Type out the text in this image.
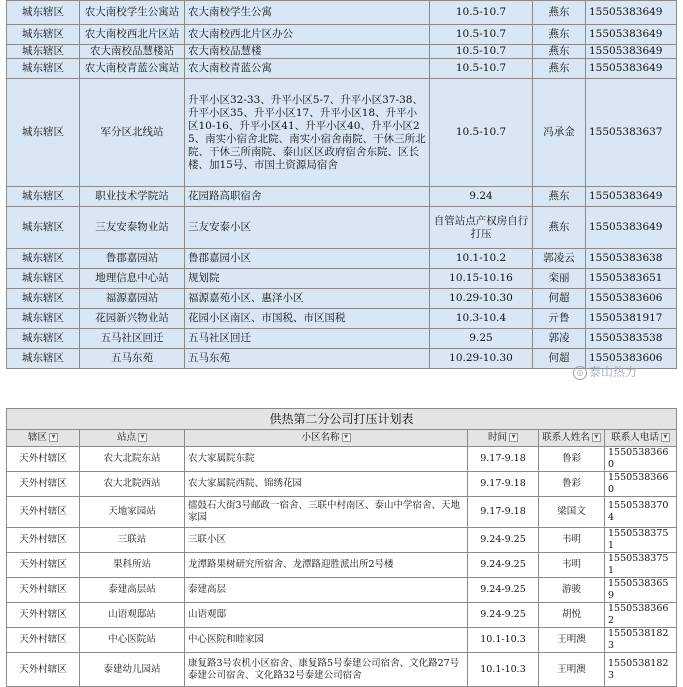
城东辖区	农大南校学生公寓站	农大南校学生公寓	10.5-10.7	燕东	15505383649
城东辖区	农大南校西北片区站	农大南校西北片区办公	10.5-10.7	燕东	15505383649
城东辖区	农大南校品慧楼站	农大南校品慧楼	10.5-10.7	燕东	15505383649
城东辖区	农大南校青蓝公寓站	农大南校青蓝公寓	10.5-10.7	燕东	15505383649
城东辖区	军分区北线站	升平小区32-33、升平小区5-7、升平小区37-38、升平小区35、升平小区17、升平小区18、升平小区10-16、升平小区41、升平小区40、升平小区25、南实小宿舍北院、南实小宿舍南院、干休三所北院、干休三所南院、泰山区区政府宿舍东院、区长楼、加15号、市国土资源局宿舍	10.5-10.7	冯承金	15505383637
城东辖区	职业技术学院站	花园路高职宿舍	9.24	燕东	15505383649
城东辖区	三友安泰物业站	三友安泰小区	自管站点产权房自行打压	燕东	15505383649
城东辖区	鲁郡嘉园站	鲁郡嘉园小区	10.1-10.2	郭凌云	15505383638
城东辖区	地理信息中心站	规划院	10.15-10.16	栾丽	15505383651
城东辖区	福源嘉园站	福源嘉苑小区、惠泽小区	10.29-10.30	何超	15505383606
城东辖区	花园新兴物业站	花园小区南区、市国税、市区国税	10.3-10.4	亓鲁	15505381917
城东辖区	五马社区回迁	五马社区回迁	9.25	郭凌	15505383538
城东辖区	五马东苑	五马东苑	10.29-10.30	何超	15505383606
◎ 泰山热力
供热第二分公司打压计划表					
辖区 ▼	站点 ▼	小区名称 ▼	时间 ▼	联系人姓名 ▼	联系人电话 ▼
天外村辖区	农大北院东站	农大家属院东院	9.17-9.18	鲁彩	15505383660
天外村辖区	农大北院西站	农大家属院西院、锦绣花园	9.17-9.18	鲁彩	15505383660
天外村辖区	天地家园站	擂鼓石大街3号邮政一宿舍、三联中村南区、泰山中学宿舍、天地家园	9.17-9.18	梁国文	15505383704
天外村辖区	三联站	三联小区	9.24-9.25	韦明	15505383751
天外村辖区	果科所站	龙潭路果树研究所宿舍、龙潭路迎胜派出所2号楼	9.24-9.25	韦明	15505383751
天外村辖区	泰建高层站	泰建高层	9.24-9.25	游骏	15505383659
天外村辖区	山语观邸站	山语观邸	9.24-9.25	胡悦	15505383662
天外村辖区	中心医院站	中心医院和睦家园	10.1-10.3	王明澳	15505381823
天外村辖区	泰建幼儿园站	康复路3号农机小区宿舍、康复路5号泰建公司宿舍、文化路27号泰建公司宿舍、文化路32号泰建公司宿舍	10.1-10.3	王明澳	15505381823
